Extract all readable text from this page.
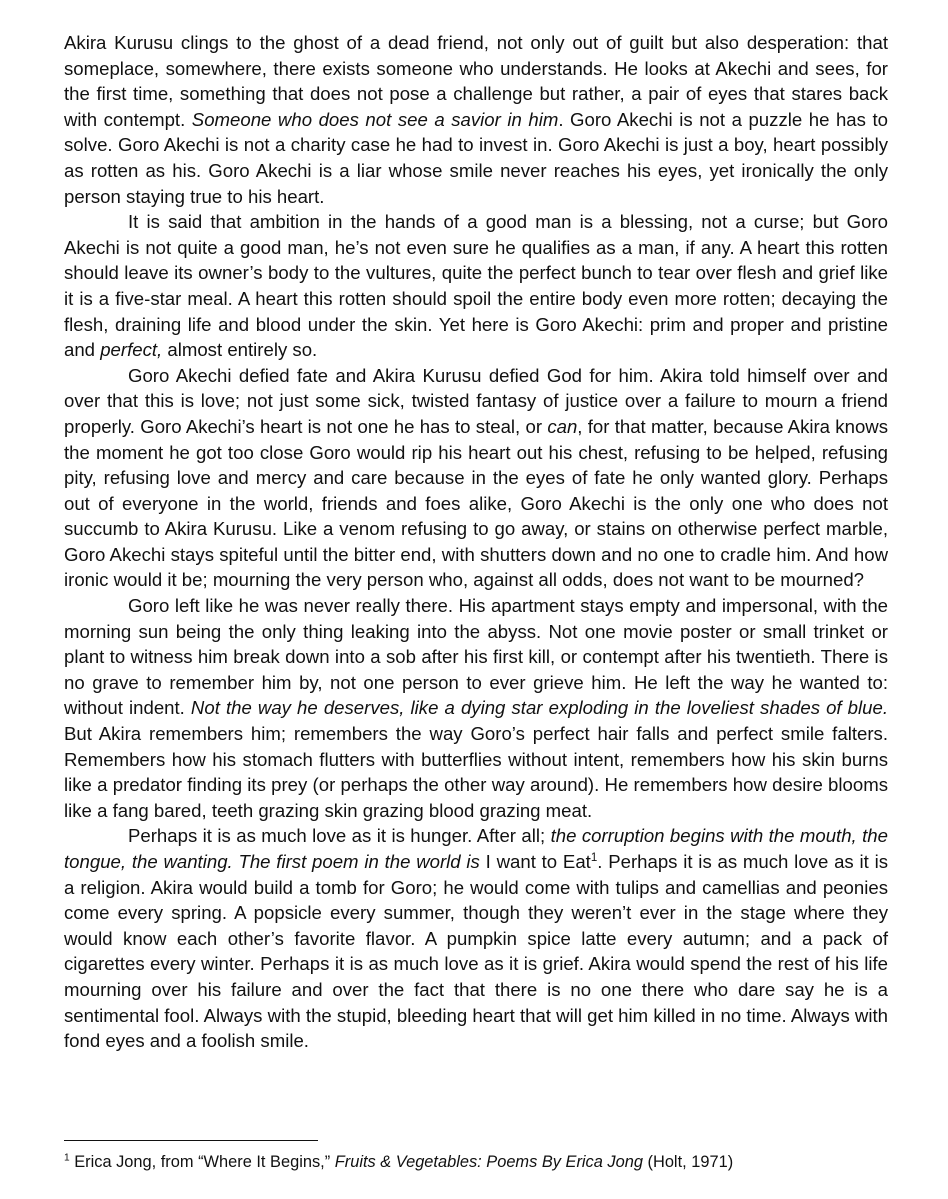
Akira Kurusu clings to the ghost of a dead friend, not only out of guilt but also desperation: that someplace, somewhere, there exists someone who understands. He looks at Akechi and sees, for the first time, something that does not pose a challenge but rather, a pair of eyes that stares back with contempt. Someone who does not see a savior in him. Goro Akechi is not a puzzle he has to solve. Goro Akechi is not a charity case he had to invest in. Goro Akechi is just a boy, heart possibly as rotten as his. Goro Akechi is a liar whose smile never reaches his eyes, yet ironically the only person staying true to his heart.

It is said that ambition in the hands of a good man is a blessing, not a curse; but Goro Akechi is not quite a good man, he’s not even sure he qualifies as a man, if any. A heart this rotten should leave its owner’s body to the vultures, quite the perfect bunch to tear over flesh and grief like it is a five-star meal. A heart this rotten should spoil the entire body even more rotten; decaying the flesh, draining life and blood under the skin. Yet here is Goro Akechi: prim and proper and pristine and perfect, almost entirely so.

Goro Akechi defied fate and Akira Kurusu defied God for him. Akira told himself over and over that this is love; not just some sick, twisted fantasy of justice over a failure to mourn a friend properly. Goro Akechi’s heart is not one he has to steal, or can, for that matter, because Akira knows the moment he got too close Goro would rip his heart out his chest, refusing to be helped, refusing pity, refusing love and mercy and care because in the eyes of fate he only wanted glory. Perhaps out of everyone in the world, friends and foes alike, Goro Akechi is the only one who does not succumb to Akira Kurusu. Like a venom refusing to go away, or stains on otherwise perfect marble, Goro Akechi stays spiteful until the bitter end, with shutters down and no one to cradle him. And how ironic would it be; mourning the very person who, against all odds, does not want to be mourned?

Goro left like he was never really there. His apartment stays empty and impersonal, with the morning sun being the only thing leaking into the abyss. Not one movie poster or small trinket or plant to witness him break down into a sob after his first kill, or contempt after his twentieth. There is no grave to remember him by, not one person to ever grieve him. He left the way he wanted to: without indent. Not the way he deserves, like a dying star exploding in the loveliest shades of blue. But Akira remembers him; remembers the way Goro’s perfect hair falls and perfect smile falters. Remembers how his stomach flutters with butterflies without intent, remembers how his skin burns like a predator finding its prey (or perhaps the other way around). He remembers how desire blooms like a fang bared, teeth grazing skin grazing blood grazing meat.

Perhaps it is as much love as it is hunger. After all; the corruption begins with the mouth, the tongue, the wanting. The first poem in the world is I want to Eat$^1$. Perhaps it is as much love as it is a religion. Akira would build a tomb for Goro; he would come with tulips and camellias and peonies come every spring. A popsicle every summer, though they weren’t ever in the stage where they would know each other’s favorite flavor. A pumpkin spice latte every autumn; and a pack of cigarettes every winter. Perhaps it is as much love as it is grief. Akira would spend the rest of his life mourning over his failure and over the fact that there is no one there who dare say he is a sentimental fool. Always with the stupid, bleeding heart that will get him killed in no time. Always with fond eyes and a foolish smile.

$^1$ Erica Jong, from “Where It Begins,” Fruits & Vegetables: Poems By Erica Jong (Holt, 1971)
